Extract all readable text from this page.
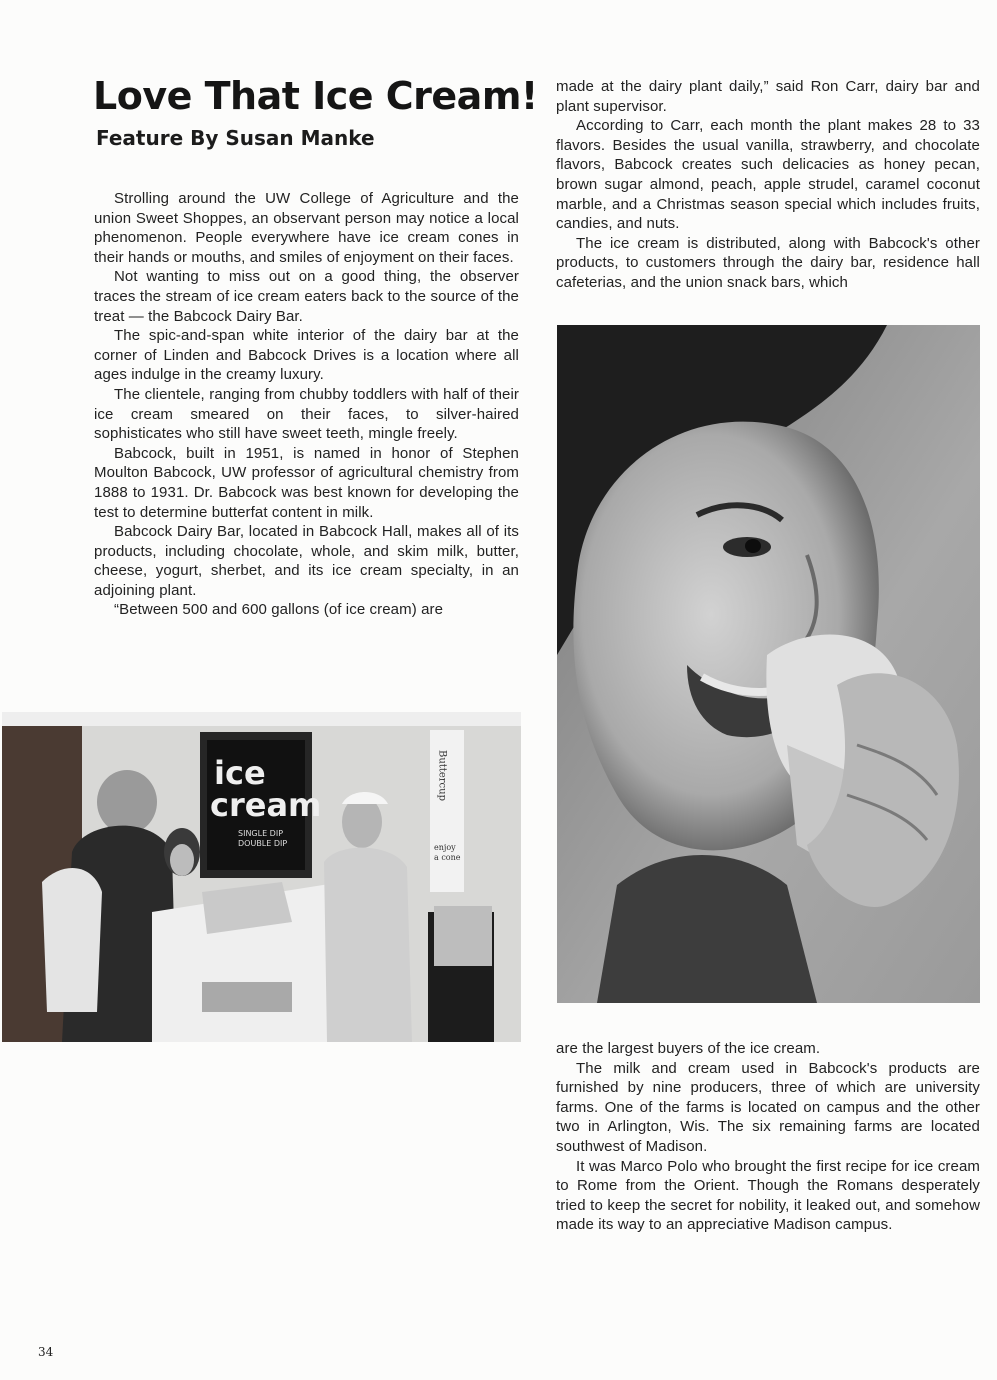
Love That Ice Cream!
Feature By Susan Manke

Strolling around the UW College of Agriculture and the union Sweet Shoppes, an observant person may notice a local phenomenon. People everywhere have ice cream cones in their hands or mouths, and smiles of enjoyment on their faces.

Not wanting to miss out on a good thing, the observer traces the stream of ice cream eaters back to the source of the treat — the Babcock Dairy Bar.

The spic-and-span white interior of the dairy bar at the corner of Linden and Babcock Drives is a location where all ages indulge in the creamy luxury.

The clientele, ranging from chubby toddlers with half of their ice cream smeared on their faces, to silver-haired sophisticates who still have sweet teeth, mingle freely.

Babcock, built in 1951, is named in honor of Stephen Moulton Babcock, UW professor of agricultural chemistry from 1888 to 1931. Dr. Babcock was best known for developing the test to determine butterfat content in milk.

Babcock Dairy Bar, located in Babcock Hall, makes all of its products, including chocolate, whole, and skim milk, butter, cheese, yogurt, sherbet, and its ice cream specialty, in an adjoining plant.

“Between 500 and 600 gallons (of ice cream) are

made at the dairy plant daily,” said Ron Carr, dairy bar and plant supervisor.

According to Carr, each month the plant makes 28 to 33 flavors. Besides the usual vanilla, strawberry, and chocolate flavors, Babcock creates such delicacies as honey pecan, brown sugar almond, peach, apple strudel, caramel coconut marble, and a Christmas season special which includes fruits, candies, and nuts.

The ice cream is distributed, along with Babcock's other products, to customers through the dairy bar, residence hall cafeterias, and the union snack bars, which

ice
cream
SINGLE DIP
DOUBLE DIP
Buttercup
enjoy
a cone

are the largest buyers of the ice cream.

The milk and cream used in Babcock's products are furnished by nine producers, three of which are university farms. One of the farms is located on campus and the other two in Arlington, Wis. The six remaining farms are located southwest of Madison.

It was Marco Polo who brought the first recipe for ice cream to Rome from the Orient. Though the Romans desperately tried to keep the secret for nobility, it leaked out, and somehow made its way to an appreciative Madison campus.

34
